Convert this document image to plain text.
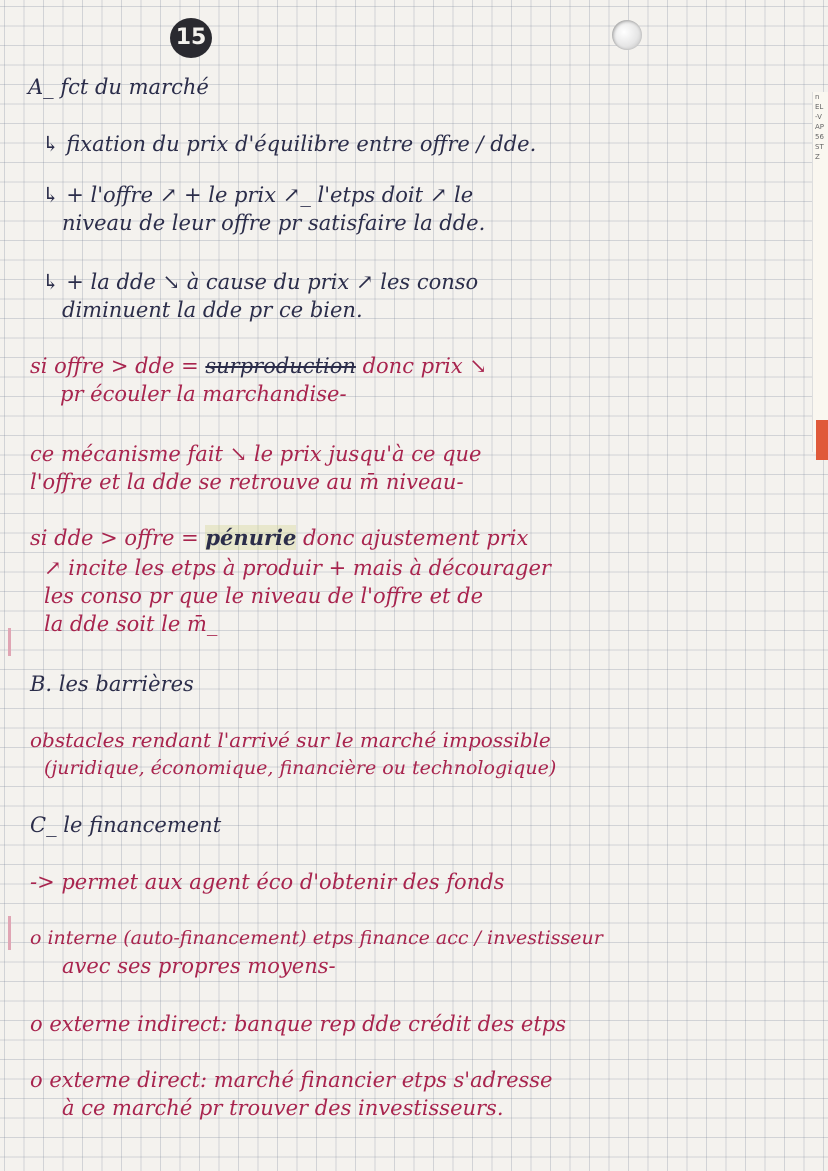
15
n
EL
-V
AP
56
ST
Z
A_ fct du marché
↳ fixation du prix d'équilibre entre offre / dde.
↳ + l'offre ↗ + le prix ↗_ l'etps doit ↗ le
niveau de leur offre pr satisfaire la dde.
↳ + la dde ↘ à cause du prix ↗ les conso
diminuent la dde pr ce bien.
si offre > dde = surproduction donc prix ↘
pr écouler la marchandise-
ce mécanisme fait ↘ le prix jusqu'à ce que
l'offre et la dde se retrouve au m̄ niveau-
si dde > offre = pénurie donc ajustement prix
↗ incite les etps à produir + mais à décourager
les conso pr que le niveau de l'offre et de
la dde soit le m̄_
B. les barrières
obstacles rendant l'arrivé sur le marché impossible
(juridique, économique, financière ou technologique)
C_ le financement
-> permet aux agent éco d'obtenir des fonds
o interne (auto-financement) etps finance acc / investisseur
avec ses propres moyens-
o externe indirect: banque rep dde crédit des etps
o externe direct: marché financier etps s'adresse
à ce marché pr trouver des investisseurs.
